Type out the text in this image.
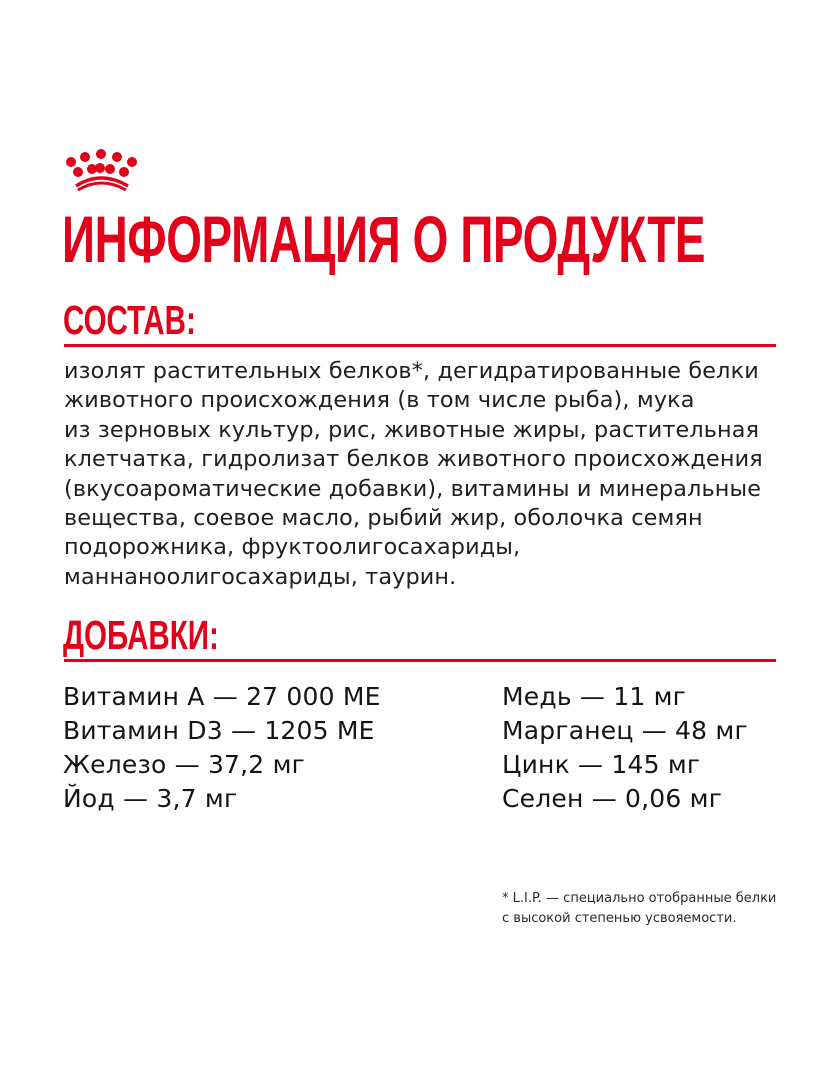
ИНФОРМАЦИЯ О ПРОДУКТЕ
СОСТАВ:

изолят растительных белков*, дегидратированные белки
животного происхождения (в том числе рыба), мука
из зерновых культур, рис, животные жиры, растительная
клетчатка, гидролизат белков животного происхождения
(вкусоароматические добавки), витамины и минеральные
вещества, соевое масло, рыбий жир, оболочка семян
подорожника, фруктоолигосахариды,
маннаноолигосахариды, таурин.

ДОБАВКИ:
Витамин А — 27 000 МЕ
Витамин D3 — 1205 МЕ
Железо — 37,2 мг
Йод — 3,7 мг
Медь — 11 мг
Марганец — 48 мг
Цинк — 145 мг
Селен — 0,06 мг

* L.I.P. — специально отобранные белки
с высокой степенью усвояемости.
